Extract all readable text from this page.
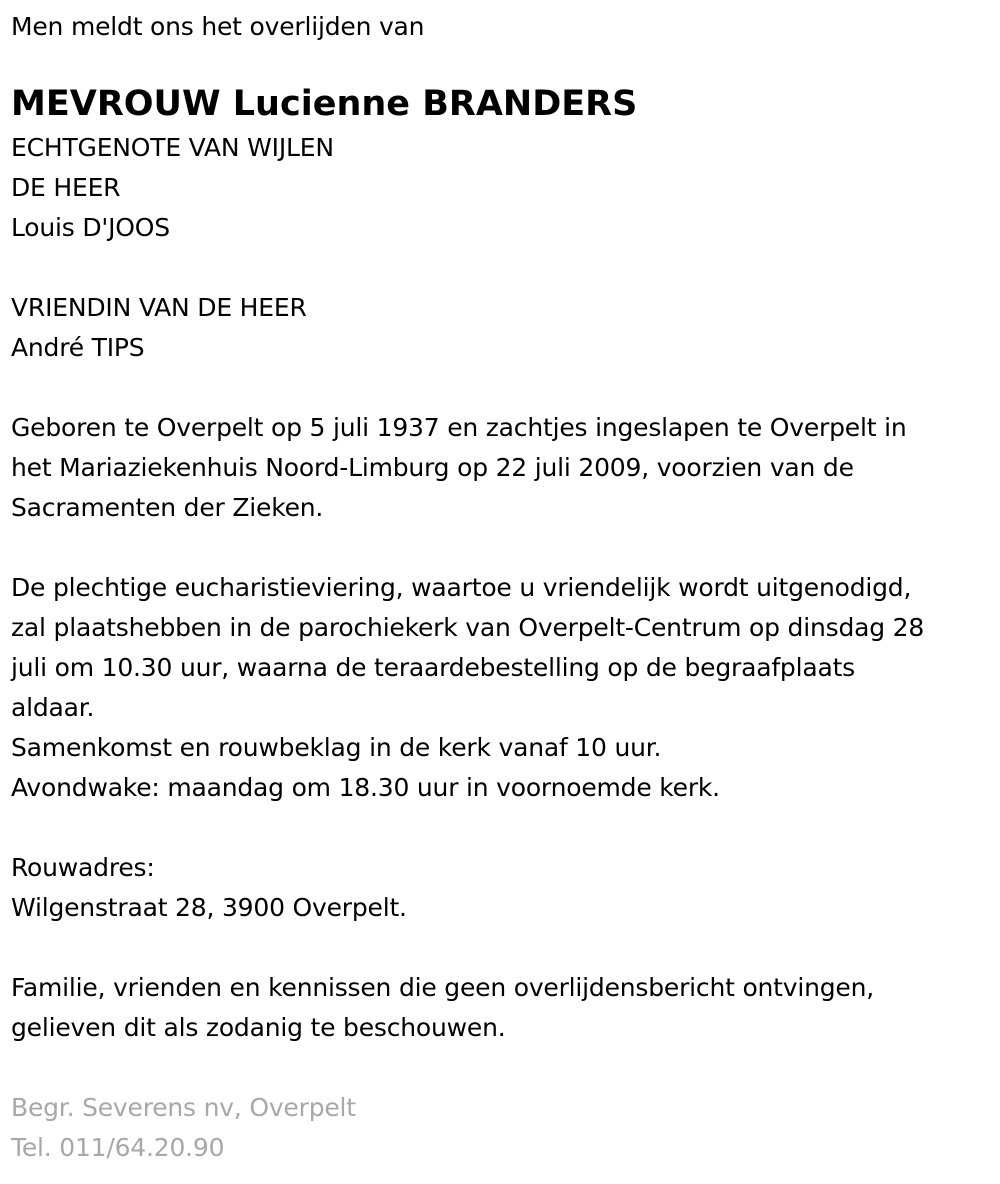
Men meldt ons het overlijden van
MEVROUW Lucienne BRANDERS
ECHTGENOTE VAN WIJLEN
DE HEER
Louis D'JOOS
VRIENDIN VAN DE HEER
André TIPS
Geboren te Overpelt op 5 juli 1937 en zachtjes ingeslapen te Overpelt in
het Mariaziekenhuis Noord-Limburg op 22 juli 2009, voorzien van de
Sacramenten der Zieken.
De plechtige eucharistieviering, waartoe u vriendelijk wordt uitgenodigd,
zal plaatshebben in de parochiekerk van Overpelt-Centrum op dinsdag 28
juli om 10.30 uur, waarna de teraardebestelling op de begraafplaats
aldaar.
Samenkomst en rouwbeklag in de kerk vanaf 10 uur.
Avondwake: maandag om 18.30 uur in voornoemde kerk.
Rouwadres:
Wilgenstraat 28, 3900 Overpelt.
Familie, vrienden en kennissen die geen overlijdensbericht ontvingen,
gelieven dit als zodanig te beschouwen.
Begr. Severens nv, Overpelt
Tel. 011/64.20.90
